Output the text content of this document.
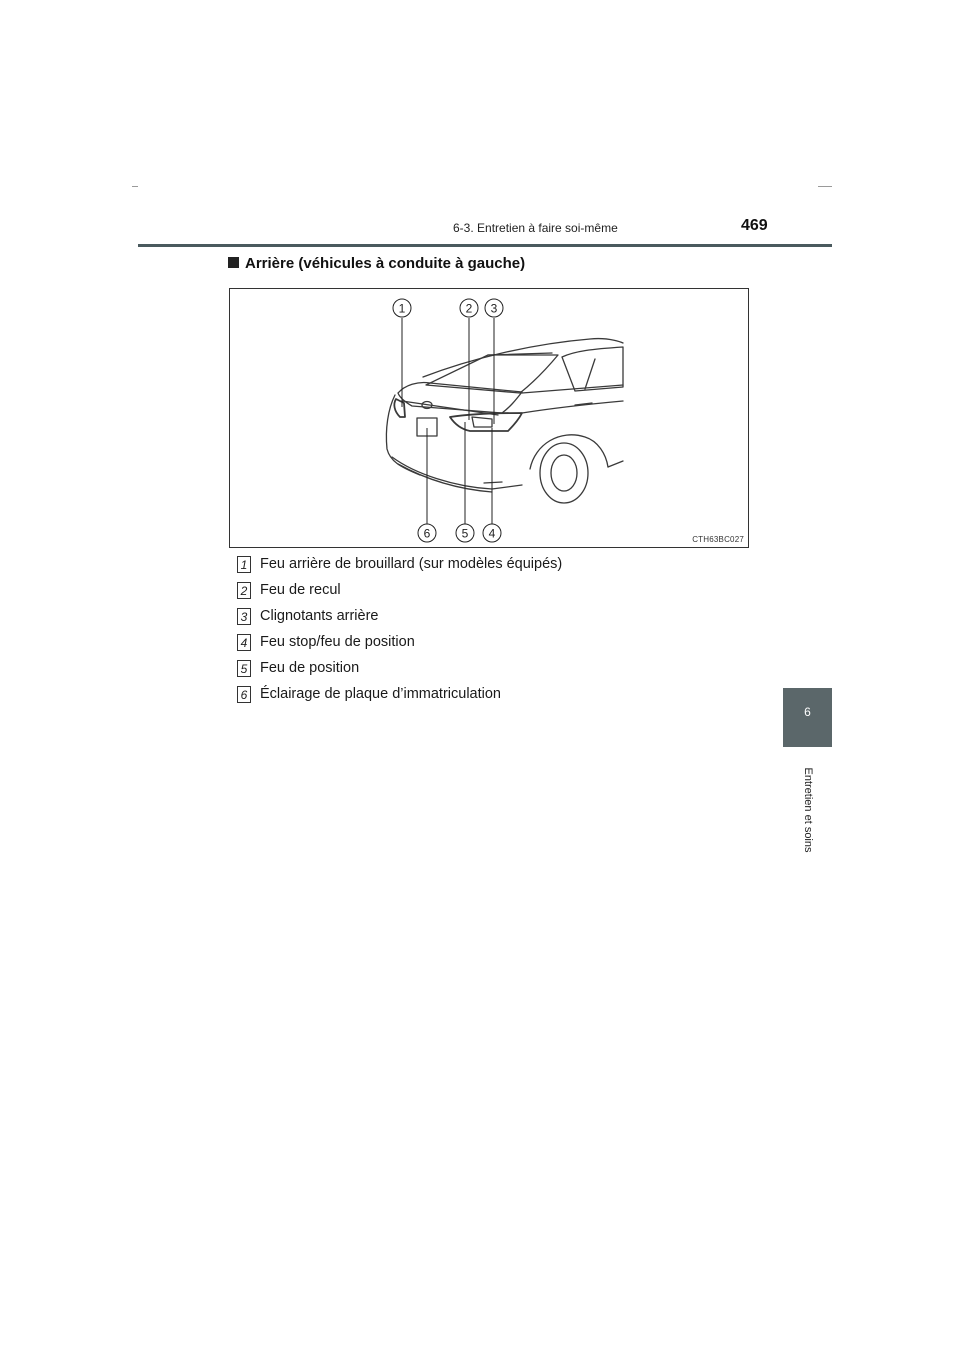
6-3. Entretien à faire soi-même	469
6
Entretien et soins
Arrière (véhicules à conduite à gauche)
1	2 3
6	5 4	CTH63BC027
1 Feu arrière de brouillard (sur modèles équipés)
2 Feu de recul
3 Clignotants arrière
4 Feu stop/feu de position
5 Feu de position
6 Éclairage de plaque d’immatriculation
